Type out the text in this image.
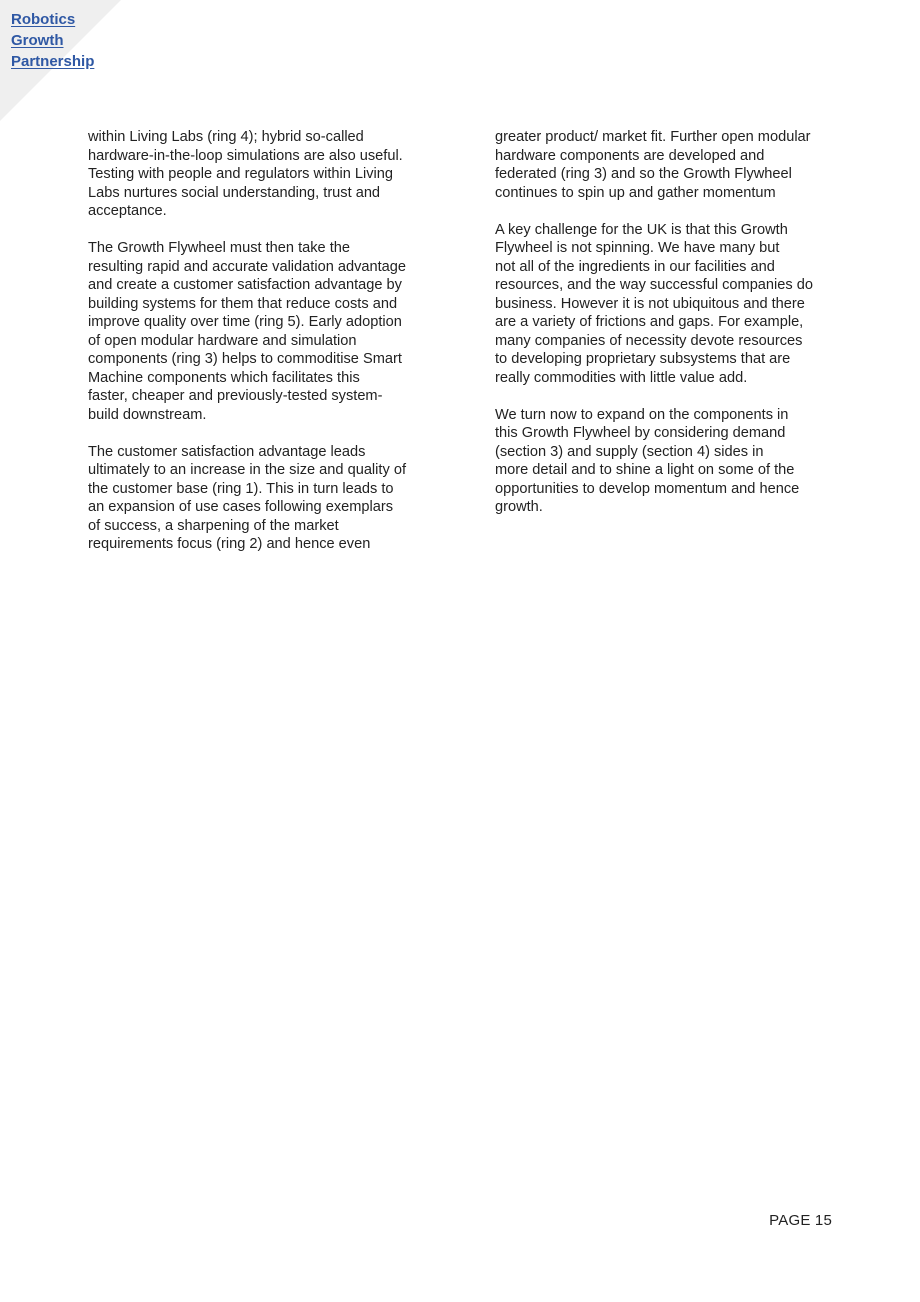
Robotics
Growth
Partnership

within Living Labs (ring 4); hybrid so-called
hardware-in-the-loop simulations are also useful.
Testing with people and regulators within Living
Labs nurtures social understanding, trust and
acceptance.

The Growth Flywheel must then take the
resulting rapid and accurate validation advantage
and create a customer satisfaction advantage by
building systems for them that reduce costs and
improve quality over time (ring 5). Early adoption
of open modular hardware and simulation
components (ring 3) helps to commoditise Smart
Machine components which facilitates this
faster, cheaper and previously-tested system-
build downstream.

The customer satisfaction advantage leads
ultimately to an increase in the size and quality of
the customer base (ring 1). This in turn leads to
an expansion of use cases following exemplars
of success, a sharpening of the market
requirements focus (ring 2) and hence even

greater product/ market fit. Further open modular
hardware components are developed and
federated (ring 3) and so the Growth Flywheel
continues to spin up and gather momentum

A key challenge for the UK is that this Growth
Flywheel is not spinning. We have many but
not all of the ingredients in our facilities and
resources, and the way successful companies do
business. However it is not ubiquitous and there
are a variety of frictions and gaps. For example,
many companies of necessity devote resources
to developing proprietary subsystems that are
really commodities with little value add.

We turn now to expand on the components in
this Growth Flywheel by considering demand
(section 3) and supply (section 4) sides in
more detail and to shine a light on some of the
opportunities to develop momentum and hence
growth.

PAGE 15
